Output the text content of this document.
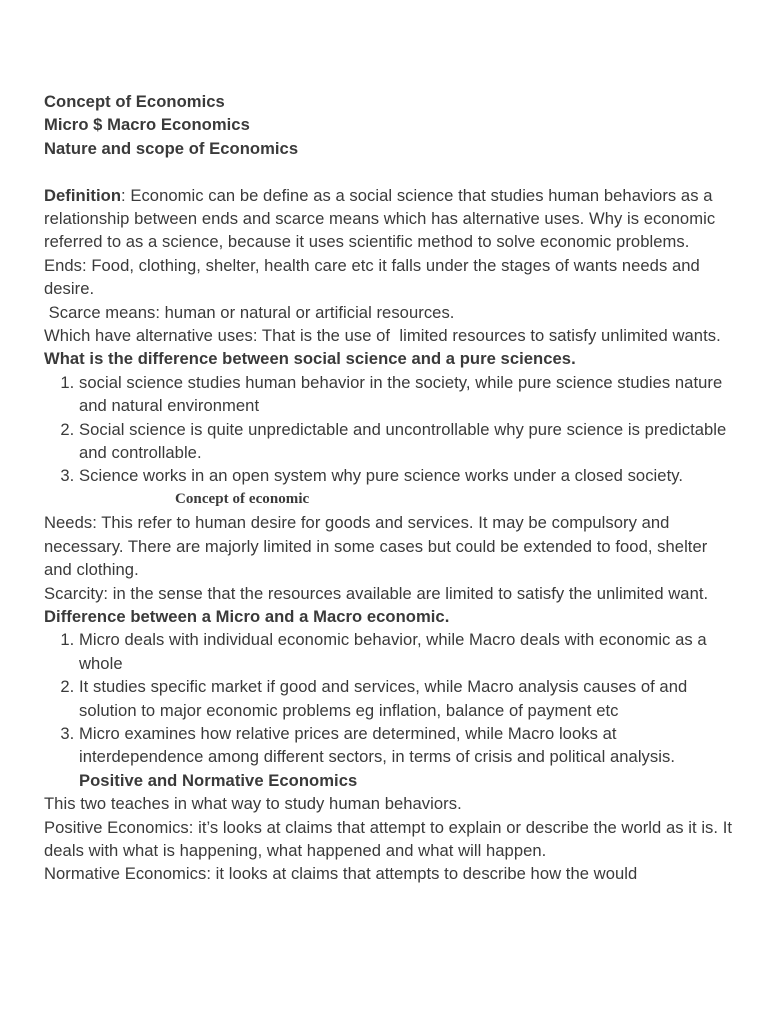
Concept of Economics

Micro $ Macro Economics

Nature and scope of Economics

Definition: Economic can be define as a social science that studies human behaviors as a relationship between ends and scarce means which has alternative uses. Why is economic referred to as a science, because it uses scientific method to solve economic problems.

Ends: Food, clothing, shelter, health care etc it falls under the stages of wants needs and desire.

Scarce means: human or natural or artificial resources.

Which have alternative uses: That is the use of  limited resources to satisfy unlimited wants.

What is the difference between social science and a pure sciences.

1. social science studies human behavior in the society, while pure science studies nature and natural environment
2. Social science is quite unpredictable and uncontrollable why pure science is predictable and controllable.
3. Science works in an open system why pure science works under a closed society.

Concept of economic

Needs: This refer to human desire for goods and services. It may be compulsory and necessary. There are majorly limited in some cases but could be extended to food, shelter and clothing.

Scarcity: in the sense that the resources available are limited to satisfy the unlimited want.

Difference between a Micro and a Macro economic.

1. Micro deals with individual economic behavior, while Macro deals with economic as a whole
2. It studies specific market if good and services, while Macro analysis causes of and solution to major economic problems eg inflation, balance of payment etc
3. Micro examines how relative prices are determined, while Macro looks at interdependence among different sectors, in terms of crisis and political analysis.

Positive and Normative Economics

This two teaches in what way to study human behaviors.

Positive Economics: it’s looks at claims that attempt to explain or describe the world as it is. It deals with what is happening, what happened and what will happen.

Normative Economics: it looks at claims that attempts to describe how the would
